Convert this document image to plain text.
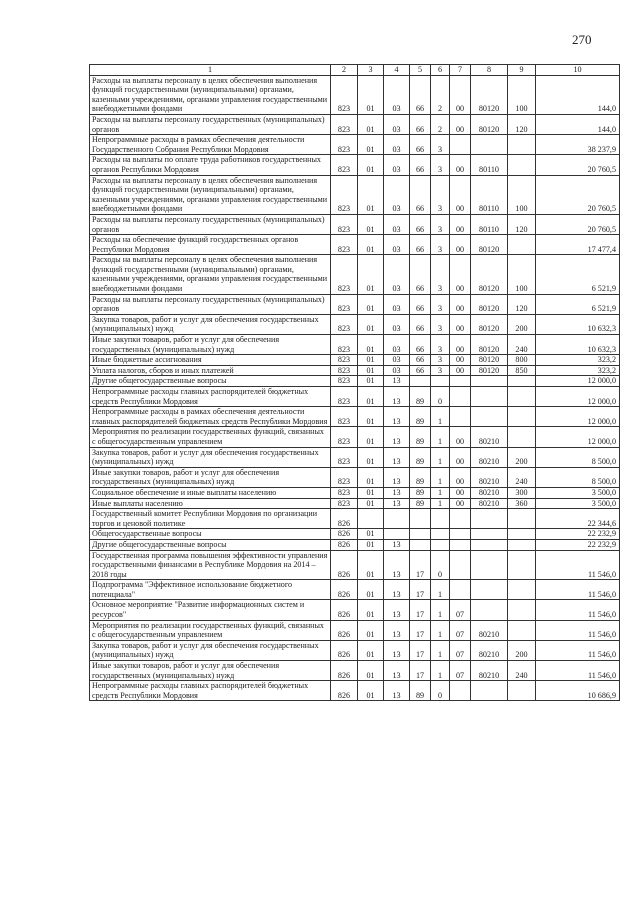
270
1	2	3	4	5	6	7	8	9	10
Расходы на выплаты персоналу в целях обеспечения выполнения функций государственными (муниципальными) органами, казенными учреждениями, органами управления государственными внебюджетными фондами	823	01	03	66	2	00	80120	100	144,0
Расходы на выплаты персоналу государственных (муниципальных) органов	823	01	03	66	2	00	80120	120	144,0
Непрограммные расходы в рамках обеспечения деятельности Государственного Собрания Республики Мордовия	823	01	03	66	3				38 237,9
Расходы на выплаты по оплате труда работников государственных органов Республики Мордовия	823	01	03	66	3	00	80110		20 760,5
Расходы на выплаты персоналу в целях обеспечения выполнения функций государственными (муниципальными) органами, казенными учреждениями, органами управления государственными внебюджетными фондами	823	01	03	66	3	00	80110	100	20 760,5
Расходы на выплаты персоналу государственных (муниципальных) органов	823	01	03	66	3	00	80110	120	20 760,5
Расходы на обеспечение функций государственных органов Республики Мордовия	823	01	03	66	3	00	80120		17 477,4
Расходы на выплаты персоналу в целях обеспечения выполнения функций государственными (муниципальными) органами, казенными учреждениями, органами управления государственными внебюджетными фондами	823	01	03	66	3	00	80120	100	6 521,9
Расходы на выплаты персоналу государственных (муниципальных) органов	823	01	03	66	3	00	80120	120	6 521,9
Закупка товаров, работ и услуг для обеспечения государственных (муниципальных) нужд	823	01	03	66	3	00	80120	200	10 632,3
Иные закупки товаров, работ и услуг для обеспечения государственных (муниципальных) нужд	823	01	03	66	3	00	80120	240	10 632,3
Иные бюджетные ассигнования	823	01	03	66	3	00	80120	800	323,2
Уплата налогов, сборов и иных платежей	823	01	03	66	3	00	80120	850	323,2
Другие общегосударственные вопросы	823	01	13						12 000,0
Непрограммные расходы главных распорядителей бюджетных средств Республики Мордовия	823	01	13	89	0				12 000,0
Непрограммные расходы в рамках обеспечения деятельности главных распорядителей бюджетных средств Республики Мордовия	823	01	13	89	1				12 000,0
Мероприятия по реализации государственных функций, связанных с общегосударственным управлением	823	01	13	89	1	00	80210		12 000,0
Закупка товаров, работ и услуг для обеспечения государственных (муниципальных) нужд	823	01	13	89	1	00	80210	200	8 500,0
Иные закупки товаров, работ и услуг для обеспечения государственных (муниципальных) нужд	823	01	13	89	1	00	80210	240	8 500,0
Социальное обеспечение и иные выплаты населению	823	01	13	89	1	00	80210	300	3 500,0
Иные выплаты населению	823	01	13	89	1	00	80210	360	3 500,0
Государственный комитет Республики Мордовия по организации торгов и ценовой политике	826								22 344,6
Общегосударственные вопросы	826	01							22 232,9
Другие общегосударственные вопросы	826	01	13						22 232,9
Государственная программа повышения эффективности управления государственными финансами в Республике Мордовия на 2014 – 2018 годы	826	01	13	17	0				11 546,0
Подпрограмма "Эффективное использование бюджетного потенциала"	826	01	13	17	1				11 546,0
Основное мероприятие "Развитие информационных систем и ресурсов"	826	01	13	17	1	07			11 546,0
Мероприятия по реализации государственных функций, связанных с общегосударственным управлением	826	01	13	17	1	07	80210		11 546,0
Закупка товаров, работ и услуг для обеспечения государственных (муниципальных) нужд	826	01	13	17	1	07	80210	200	11 546,0
Иные закупки товаров, работ и услуг для обеспечения государственных (муниципальных) нужд	826	01	13	17	1	07	80210	240	11 546,0
Непрограммные расходы главных распорядителей бюджетных средств Республики Мордовия	826	01	13	89	0				10 686,9
